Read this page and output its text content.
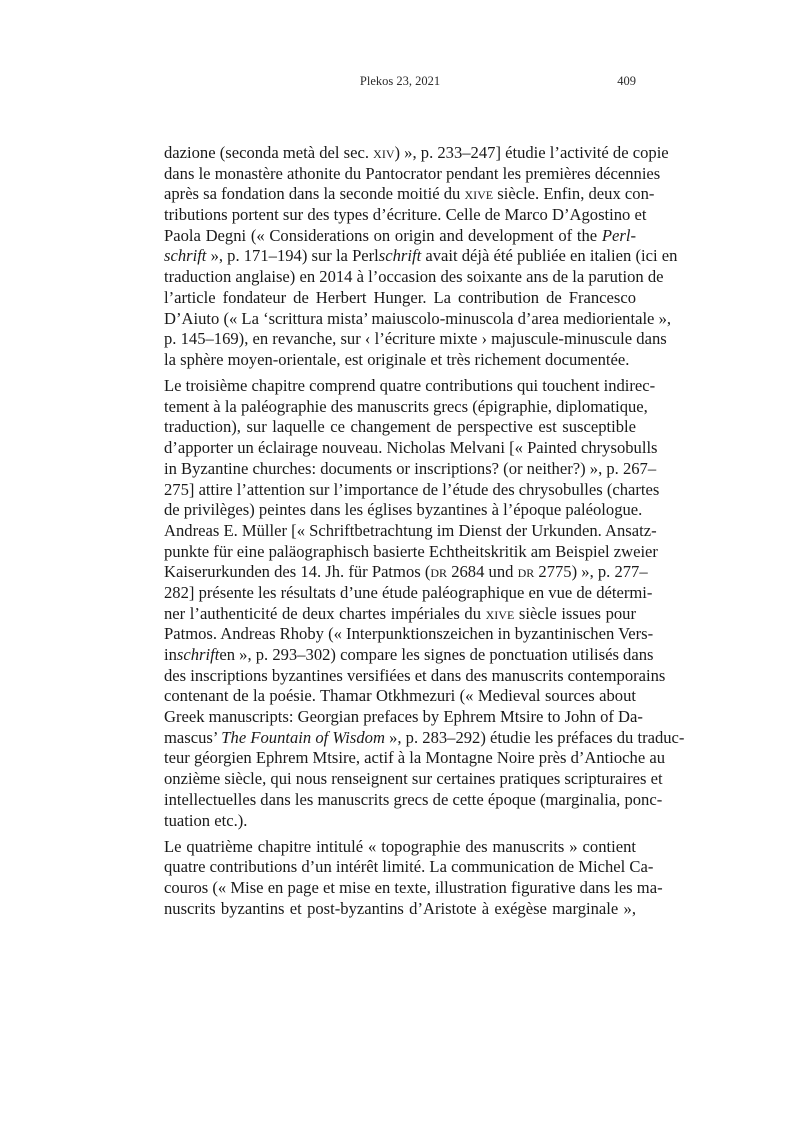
Plekos 23, 2021	409
dazione (seconda metà del sec. xiv) », p. 233–247] étudie l’activité de copie
dans le monastère athonite du Pantocrator pendant les premières décennies
après sa fondation dans la seconde moitié du xive siècle. Enfin, deux con-
tributions portent sur des types d’écriture. Celle de Marco D’Agostino et
Paola Degni (« Considerations on origin and development of the Perl-
schrift », p. 171–194) sur la Perlschrift avait déjà été publiée en italien (ici en
traduction anglaise) en 2014 à l’occasion des soixante ans de la parution de
l’article fondateur de Herbert Hunger. La contribution de Francesco
D’Aiuto (« La ‘scrittura mista’ maiuscolo-minuscola d’area mediorientale »,
p. 145–169), en revanche, sur ‹ l’écriture mixte › majuscule-minuscule dans
la sphère moyen-orientale, est originale et très richement documentée.
Le troisième chapitre comprend quatre contributions qui touchent indirec-
tement à la paléographie des manuscrits grecs (épigraphie, diplomatique,
traduction), sur laquelle ce changement de perspective est susceptible
d’apporter un éclairage nouveau. Nicholas Melvani [« Painted chrysobulls
in Byzantine churches: documents or inscriptions? (or neither?) », p. 267–
275] attire l’attention sur l’importance de l’étude des chrysobulles (chartes
de privilèges) peintes dans les églises byzantines à l’époque paléologue.
Andreas E. Müller [« Schriftbetrachtung im Dienst der Urkunden. Ansatz-
punkte für eine paläographisch basierte Echtheitskritik am Beispiel zweier
Kaiserurkunden des 14. Jh. für Patmos (dr 2684 und dr 2775) », p. 277–
282] présente les résultats d’une étude paléographique en vue de détermi-
ner l’authenticité de deux chartes impériales du xive siècle issues pour
Patmos. Andreas Rhoby (« Interpunktionszeichen in byzantinischen Vers-
inschriften », p. 293–302) compare les signes de ponctuation utilisés dans
des inscriptions byzantines versifiées et dans des manuscrits contemporains
contenant de la poésie. Thamar Otkhmezuri (« Medieval sources about
Greek manuscripts: Georgian prefaces by Ephrem Mtsire to John of Da-
mascus’ The Fountain of Wisdom », p. 283–292) étudie les préfaces du traduc-
teur géorgien Ephrem Mtsire, actif à la Montagne Noire près d’Antioche au
onzième siècle, qui nous renseignent sur certaines pratiques scripturaires et
intellectuelles dans les manuscrits grecs de cette époque (marginalia, ponc-
tuation etc.).
Le quatrième chapitre intitulé « topographie des manuscrits » contient
quatre contributions d’un intérêt limité. La communication de Michel Ca-
couros (« Mise en page et mise en texte, illustration figurative dans les ma-
nuscrits byzantins et post-byzantins d’Aristote à exégèse marginale »,
